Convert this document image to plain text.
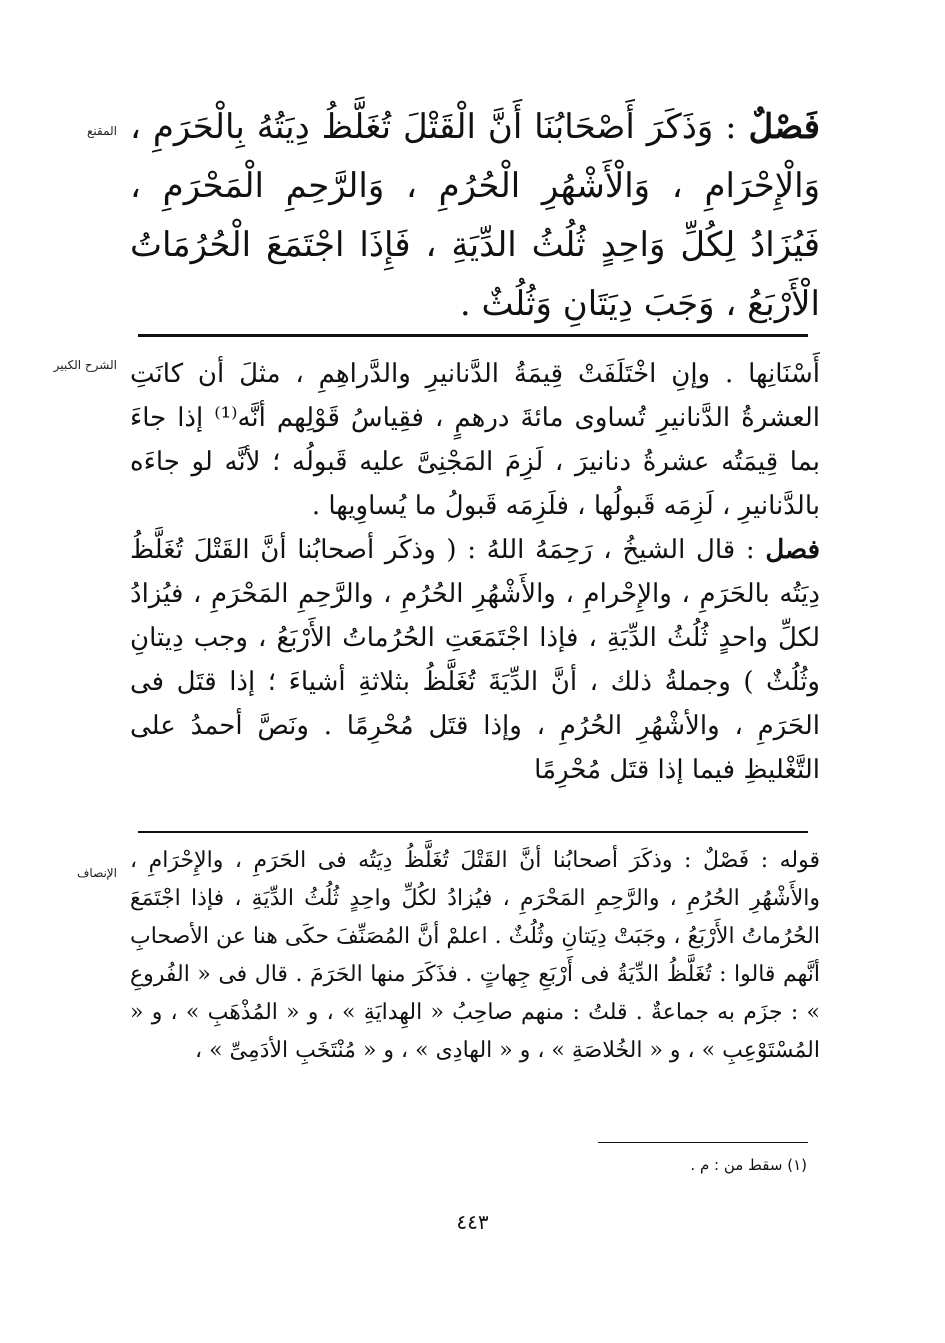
المقنع	فَصْلٌ : وَذَكَرَ أَصْحَابُنَا أَنَّ الْقَتْلَ تُغَلَّظُ دِيَتُهُ بِالْحَرَمِ ، وَالْإِحْرَامِ ، وَالْأَشْهُرِ الْحُرُمِ ، وَالرَّحِمِ الْمَحْرَمِ ، فَيُزَادُ لِكُلِّ وَاحِدٍ ثُلُثُ الدِّيَةِ ، فَإِذَا اجْتَمَعَ الْحُرُمَاتُ الْأَرْبَعُ ، وَجَبَ دِيَتَانِ وَثُلُثٌ .

الشرح الكبير أَسْنَانِها . وإنِ اخْتَلَفَتْ قِيمَةُ الدَّنانيرِ والدَّراهِمِ ، مثلَ أن كانَتِ العشرةُ الدَّنانيرِ تُساوى مائةَ درهمٍ ، فقِياسُ قَوْلِهم أنَّه⁽¹⁾ إذا جاءَ بما قِيمَتُه عشرةُ دنانيرَ ، لَزِمَ المَجْنِىَّ عليه قَبولُه ؛ لأنَّه لو جاءَه بالدَّنانيرِ ، لَزِمَه قَبولُها ، فلَزِمَه قَبولُ ما يُساوِيها .

فصل : قال الشيخُ ، رَحِمَهُ اللهُ : ( وذكَر أصحابُنا أنَّ القَتْلَ تُغَلَّظُ دِيَتُه بالحَرَمِ ، والإِحْرامِ ، والأَشْهُرِ الحُرُمِ ، والرَّحِمِ المَحْرَمِ ، فيُزادُ لكلِّ واحدٍ ثُلُثُ الدِّيَةِ ، فإذا اجْتَمَعَتِ الحُرُماتُ الأَرْبَعُ ، وجب دِيتانِ وثُلُثٌ ) وجملةُ ذلك ، أنَّ الدِّيَةَ تُغَلَّظُ بثلاثةِ أشياءَ ؛ إذا قتَل فى الحَرَمِ ، والأشْهُرِ الحُرُمِ ، وإذا قتَل مُحْرِمًا . ونَصَّ أحمدُ على التَّغْليظِ فيما إذا قتَل مُحْرِمًا

الإنصاف قوله : فَصْلٌ : وذكَرَ أصحابُنا أنَّ القَتْلَ تُغَلَّظُ دِيَتُه فى الحَرَمِ ، والإِحْرَامِ ، والأَشْهُرِ الحُرُمِ ، والرَّحِمِ المَحْرَمِ ، فيُزادُ لكُلِّ واحِدٍ ثُلُثُ الدِّيَةِ ، فإذا اجْتَمَعَ الحُرُماتُ الأَرْبَعُ ، وجَبَتْ دِيَتانِ وثُلُثٌ . اعلمْ أنَّ المُصَنِّفَ حكَى هنا عن الأصحابِ أنَّهم قالوا : تُغَلَّظُ الدِّيَةُ فى أَرْبَعِ جِهاتٍ . فذَكَرَ منها الحَرَمَ . قال فى « الفُروعِ » : جزَم به جماعةٌ . قلتُ : منهم صاحِبُ « الهِدايَةِ » ، و « المُذْهَبِ » ، و « المُسْتَوْعِبِ » ، و « الخُلاصَةِ » ، و « الهادِى » ، و « مُنْتَخَبِ الأدَمِىِّ » ،

(١) سقط من : م .
٤٤٣
